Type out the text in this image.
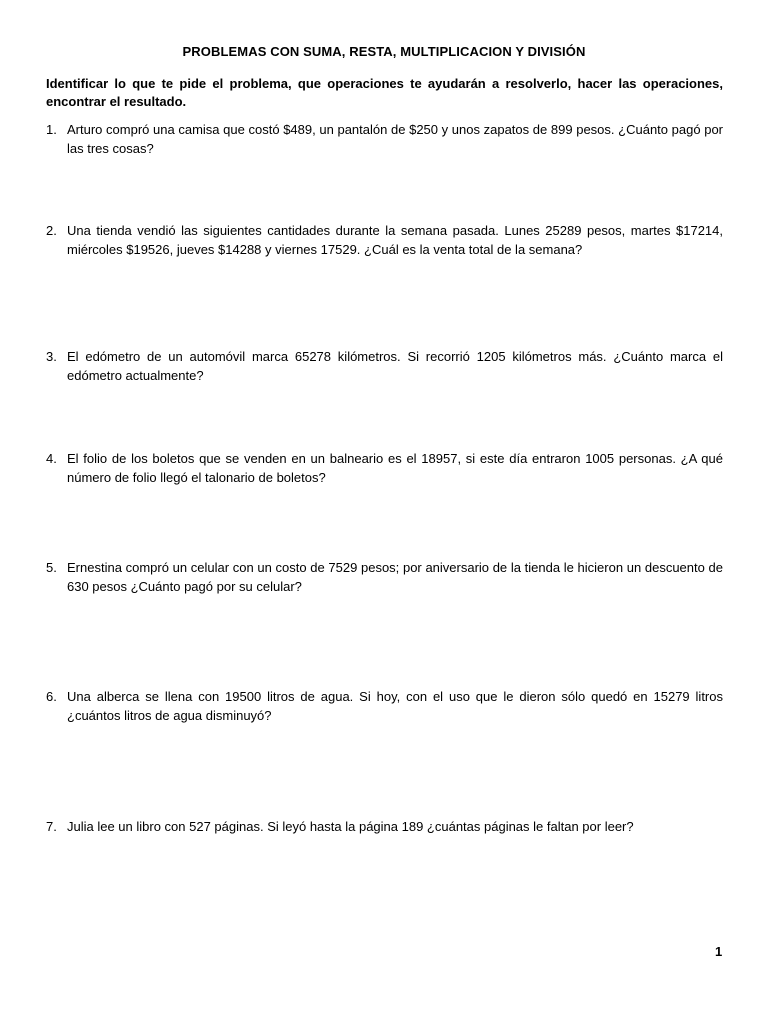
PROBLEMAS CON SUMA, RESTA, MULTIPLICACION Y DIVISIÓN
Identificar lo que te pide el problema, que operaciones te ayudarán a resolverlo, hacer las operaciones, encontrar el resultado.
1. Arturo compró una camisa que costó $489, un pantalón de $250 y unos zapatos de 899 pesos. ¿Cuánto pagó por las tres cosas?
2. Una tienda vendió las siguientes cantidades durante la semana pasada. Lunes 25289 pesos, martes $17214, miércoles $19526, jueves $14288 y viernes 17529. ¿Cuál es la venta total de la semana?
3. El edómetro de un automóvil marca 65278 kilómetros. Si recorrió 1205 kilómetros más. ¿Cuánto marca el edómetro actualmente?
4. El folio de los boletos que se venden en un balneario es el 18957, si este día entraron 1005 personas. ¿A qué número de folio llegó el talonario de boletos?
5. Ernestina compró un celular con un costo de 7529 pesos; por aniversario de la tienda le hicieron un descuento de 630 pesos ¿Cuánto pagó por su celular?
6. Una alberca se llena con 19500 litros de agua. Si hoy, con el uso que le dieron sólo quedó en 15279 litros ¿cuántos litros de agua disminuyó?
7. Julia lee un libro con 527 páginas. Si leyó hasta la página 189 ¿cuántas páginas le faltan por leer?
1
